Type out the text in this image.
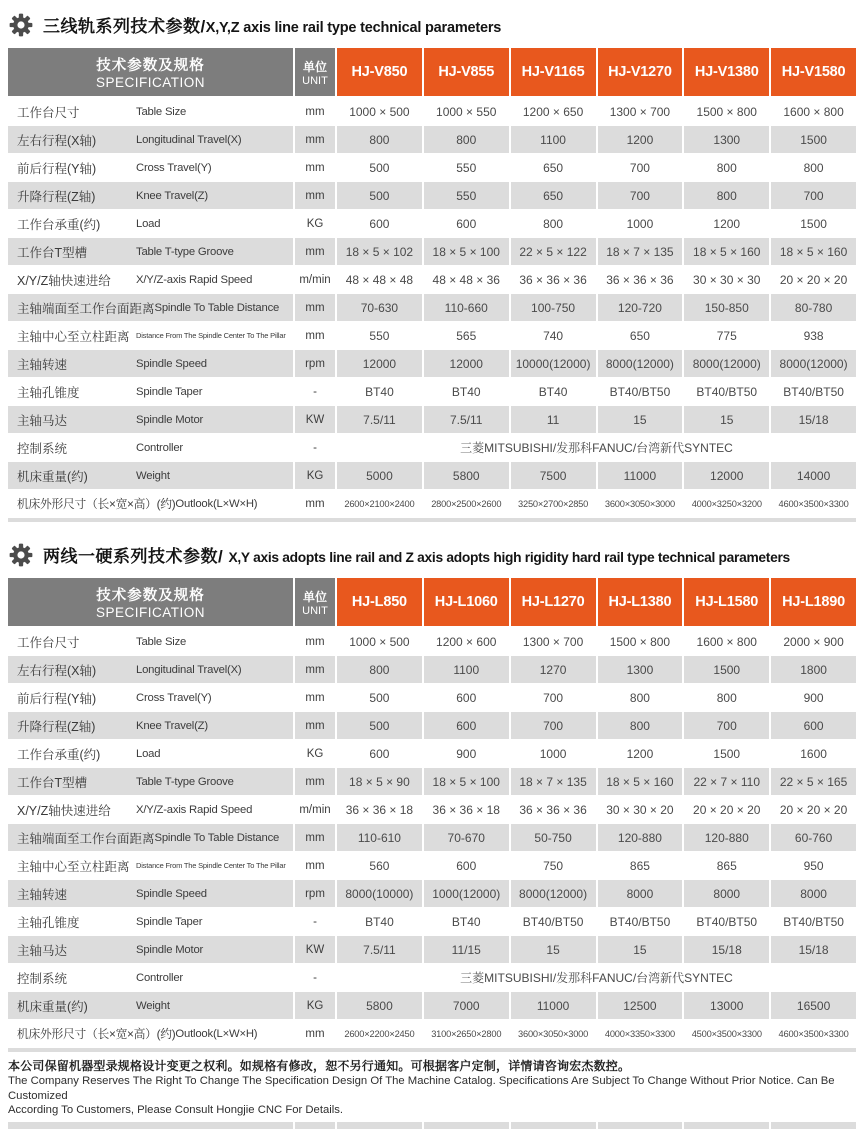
三线轨系列技术参数/X,Y,Z axis line rail type technical parameters
技术参数及规格
SPECIFICATION
单位
UNIT
HJ-V850	HJ-V855	HJ-V1165	HJ-V1270	HJ-V1380	HJ-V1580
工作台尺寸	Table Size	mm	1000 × 500	1000 × 550	1200 × 650	1300 × 700	1500 × 800	1600 × 800
左右行程(X轴)	Longitudinal Travel(X)	mm	800	800	1100	1200	1300	1500
前后行程(Y轴)	Cross Travel(Y)	mm	500	550	650	700	800	800
升降行程(Z轴)	Knee Travel(Z)	mm	500	550	650	700	800	700
工作台承重(约)	Load	KG	600	600	800	1000	1200	1500
工作台T型槽	Table T-type Groove	mm	18 × 5 × 102	18 × 5 × 100	22 × 5 × 122	18 × 7 × 135	18 × 5 × 160	18 × 5 × 160
X/Y/Z轴快速进给	X/Y/Z-axis Rapid Speed	m/min	48 × 48 × 48	48 × 48 × 36	36 × 36 × 36	36 × 36 × 36	30 × 30 × 30	20 × 20 × 20
主轴端面至工作台面距离 Spindle To Table Distance	mm	70-630	110-660	100-750	120-720	150-850	80-780
主轴中心至立柱距离 Distance From The Spindle Center To The Pillar	mm	550	565	740	650	775	938
主轴转速	Spindle Speed	rpm	12000	12000	10000(12000)	8000(12000)	8000(12000)	8000(12000)
主轴孔锥度	Spindle Taper	-	BT40	BT40	BT40	BT40/BT50	BT40/BT50	BT40/BT50
主轴马达	Spindle Motor	KW	7.5/11	7.5/11	11	15	15	15/18
控制系统	Controller	-	三菱MITSUBISHI/发那科FANUC/台湾新代SYNTEC
机床重量(约)	Weight	KG	5000	5800	7500	11000	12000	14000
机床外形尺寸（长×宽×高）(约) Outlook(L×W×H)	mm	2600×2100×2400	2800×2500×2600	3250×2700×2850	3600×3050×3000	4000×3250×3200	4600×3500×3300
两线一硬系列技术参数/ X,Y axis adopts line rail and Z axis adopts high rigidity hard rail type technical parameters
技术参数及规格
SPECIFICATION
单位
UNIT
HJ-L850	HJ-L1060	HJ-L1270	HJ-L1380	HJ-L1580	HJ-L1890
工作台尺寸	Table Size	mm	1000 × 500	1200 × 600	1300 × 700	1500 × 800	1600 × 800	2000 × 900
左右行程(X轴)	Longitudinal Travel(X)	mm	800	1100	1270	1300	1500	1800
前后行程(Y轴)	Cross Travel(Y)	mm	500	600	700	800	800	900
升降行程(Z轴)	Knee Travel(Z)	mm	500	600	700	800	700	600
工作台承重(约)	Load	KG	600	900	1000	1200	1500	1600
工作台T型槽	Table T-type Groove	mm	18 × 5 × 90	18 × 5 × 100	18 × 7 × 135	18 × 5 × 160	22 × 7 × 110	22 × 5 × 165
X/Y/Z轴快速进给	X/Y/Z-axis Rapid Speed	m/min	36 × 36 × 18	36 × 36 × 18	36 × 36 × 36	30 × 30 × 20	20 × 20 × 20	20 × 20 × 20
主轴端面至工作台面距离 Spindle To Table Distance	mm	110-610	70-670	50-750	120-880	120-880	60-760
主轴中心至立柱距离 Distance From The Spindle Center To The Pillar	mm	560	600	750	865	865	950
主轴转速	Spindle Speed	rpm	8000(10000)	1000(12000)	8000(12000)	8000	8000	8000
主轴孔锥度	Spindle Taper	-	BT40	BT40	BT40/BT50	BT40/BT50	BT40/BT50	BT40/BT50
主轴马达	Spindle Motor	KW	7.5/11	11/15	15	15	15/18	15/18
控制系统	Controller	-	三菱MITSUBISHI/发那科FANUC/台湾新代SYNTEC
机床重量(约)	Weight	KG	5800	7000	11000	12500	13000	16500
机床外形尺寸（长×宽×高）(约) Outlook(L×W×H)	mm	2600×2200×2450	3100×2650×2800	3600×3050×3000	4000×3350×3300	4500×3500×3300	4600×3500×3300

本公司保留机器型录规格设计变更之权利。如规格有修改，恕不另行通知。可根据客户定制，详情请咨询宏杰数控。

The Company Reserves The Right To Change The Specification Design Of The Machine Catalog. Specifications Are Subject To Change Without Prior Notice. Can Be Customized

According To Customers, Please Consult Hongjie CNC For Details.
